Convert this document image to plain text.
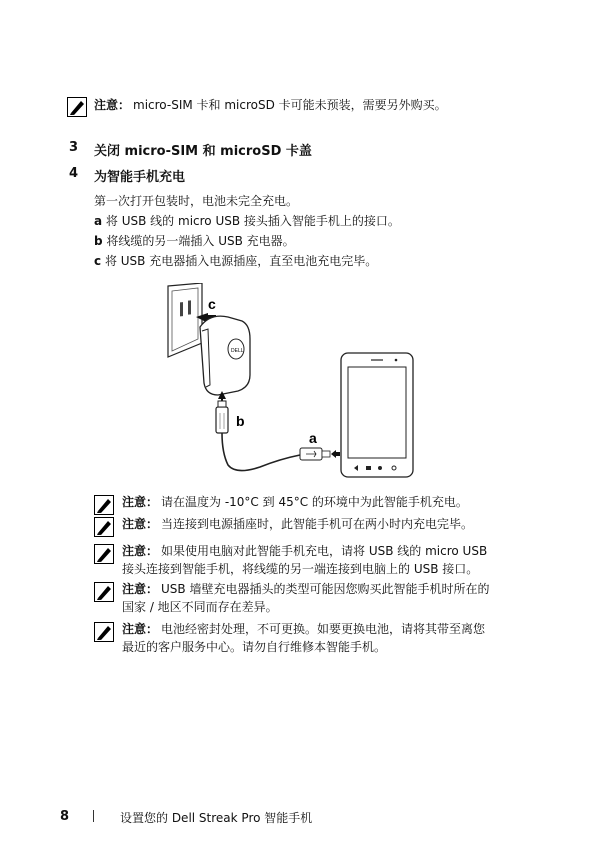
注意： micro-SIM 卡和 microSD 卡可能未预装，需要另外购买。
3 关闭 micro-SIM 和 microSD 卡盖
4 为智能手机充电
第一次打开包装时，电池未完全充电。
a 将 USB 线的 micro USB 接头插入智能手机上的接口。
b 将线缆的另一端插入 USB 充电器。
c 将 USB 充电器插入电源插座，直至电池充电完毕。
c
DELL
b
a
注意： 请在温度为 -10°C 到 45°C 的环境中为此智能手机充电。
注意： 当连接到电源插座时，此智能手机可在两小时内充电完毕。
注意： 如果使用电脑对此智能手机充电，请将 USB 线的 micro USB
接头连接到智能手机，将线缆的另一端连接到电脑上的 USB 接口。
注意： USB 墙壁充电器插头的类型可能因您购买此智能手机时所在的
国家 / 地区不同而存在差异。
注意： 电池经密封处理，不可更换。如要更换电池，请将其带至离您
最近的客户服务中心。请勿自行维修本智能手机。
8	设置您的 Dell Streak Pro 智能手机
